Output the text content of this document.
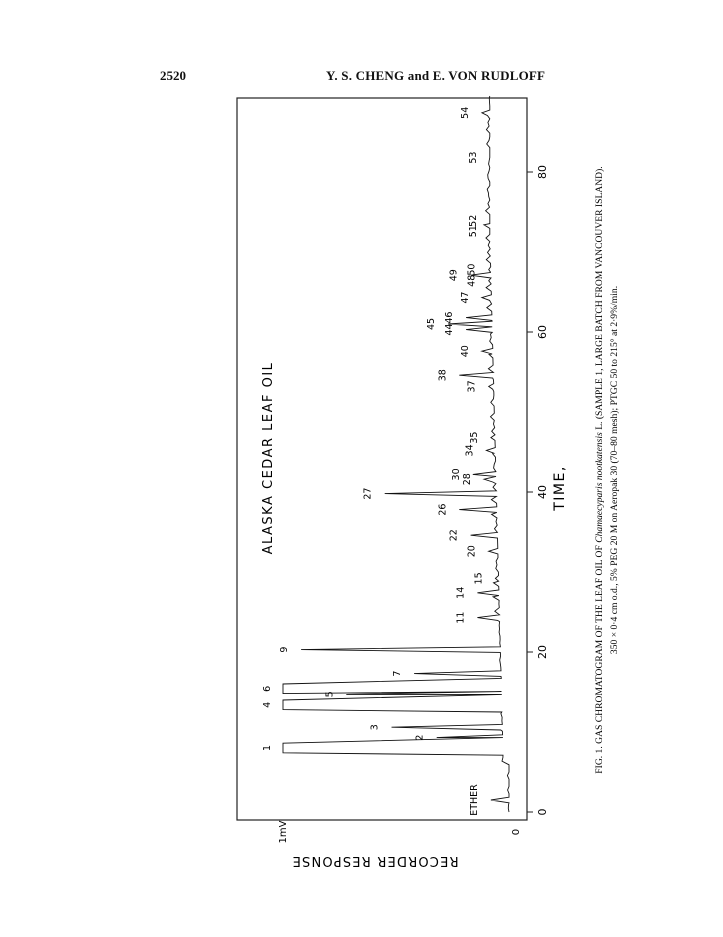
2520	Y. S. CHENG and E. VON RUDLOFF
ALASKA CEDAR LEAF OIL	TIME,
RECORDER RESPONSE
1mV	0
0
20
40
60
80
ETHER
1
2
3
4
5
6
7
9
11
14
15
20
22
26
27
28
30
34
35
37
38
40
44
45
46
47
48
49 50
51
52
53
54
FIG. 1. GAS CHROMATOGRAM OF THE LEAF OIL OF Chamaecyparis nootkatensis L. (SAMPLE 1, LARGE BATCH FROM VANCOUVER ISLAND). 350 × 0·4 cm o.d., 5% PEG 20 M on Aeropak 30 (70–80 mesh); PTGC 50 to 215° at 2·9%/min.
